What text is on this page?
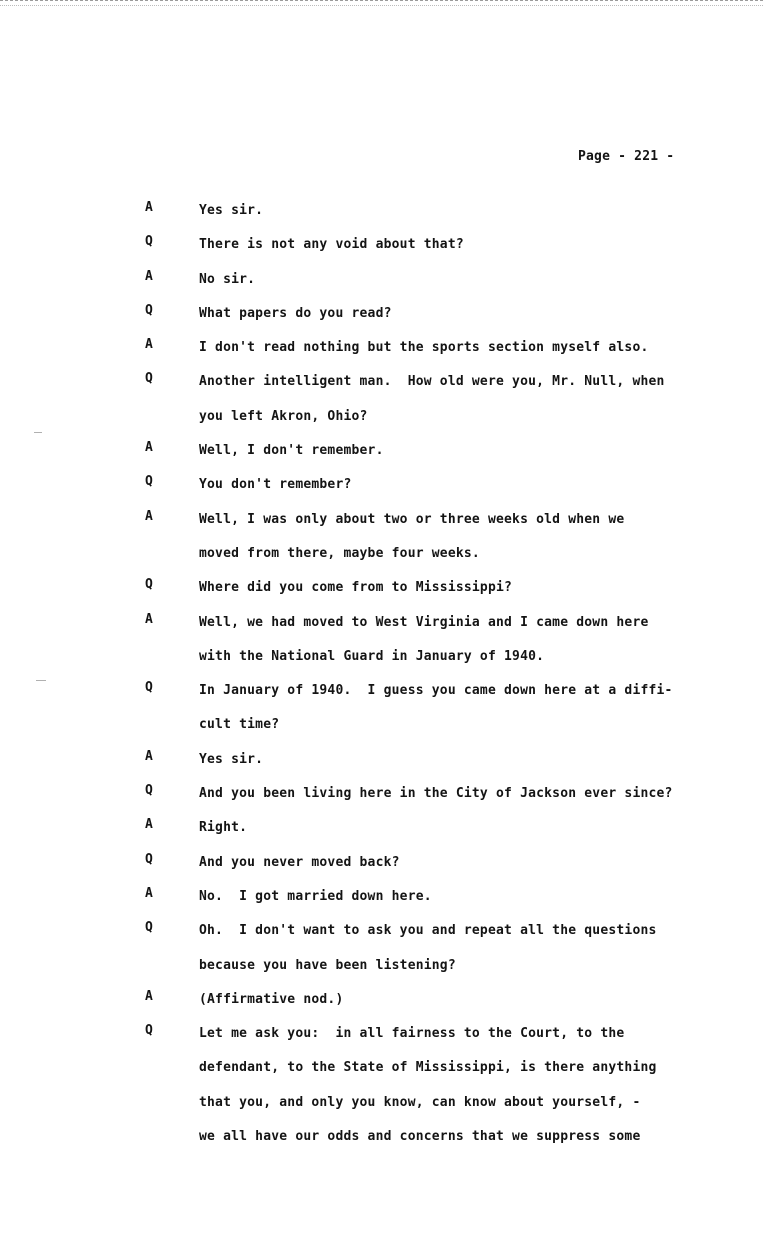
Page - 221 -
A	Yes sir.
Q	There is not any void about that?
A	No sir.
Q	What papers do you read?
A	I don't read nothing but the sports section myself also.
Q	Another intelligent man.  How old were you, Mr. Null, when
you left Akron, Ohio?
A	Well, I don't remember.
Q	You don't remember?
A	Well, I was only about two or three weeks old when we
moved from there, maybe four weeks.
Q	Where did you come from to Mississippi?
A	Well, we had moved to West Virginia and I came down here
with the National Guard in January of 1940.
Q	In January of 1940.  I guess you came down here at a diffi-
cult time?
A	Yes sir.
Q	And you been living here in the City of Jackson ever since?
A	Right.
Q	And you never moved back?
A	No.  I got married down here.
Q	Oh.  I don't want to ask you and repeat all the questions
because you have been listening?
A	(Affirmative nod.)
Q	Let me ask you:  in all fairness to the Court, to the
defendant, to the State of Mississippi, is there anything
that you, and only you know, can know about yourself, -
we all have our odds and concerns that we suppress some
